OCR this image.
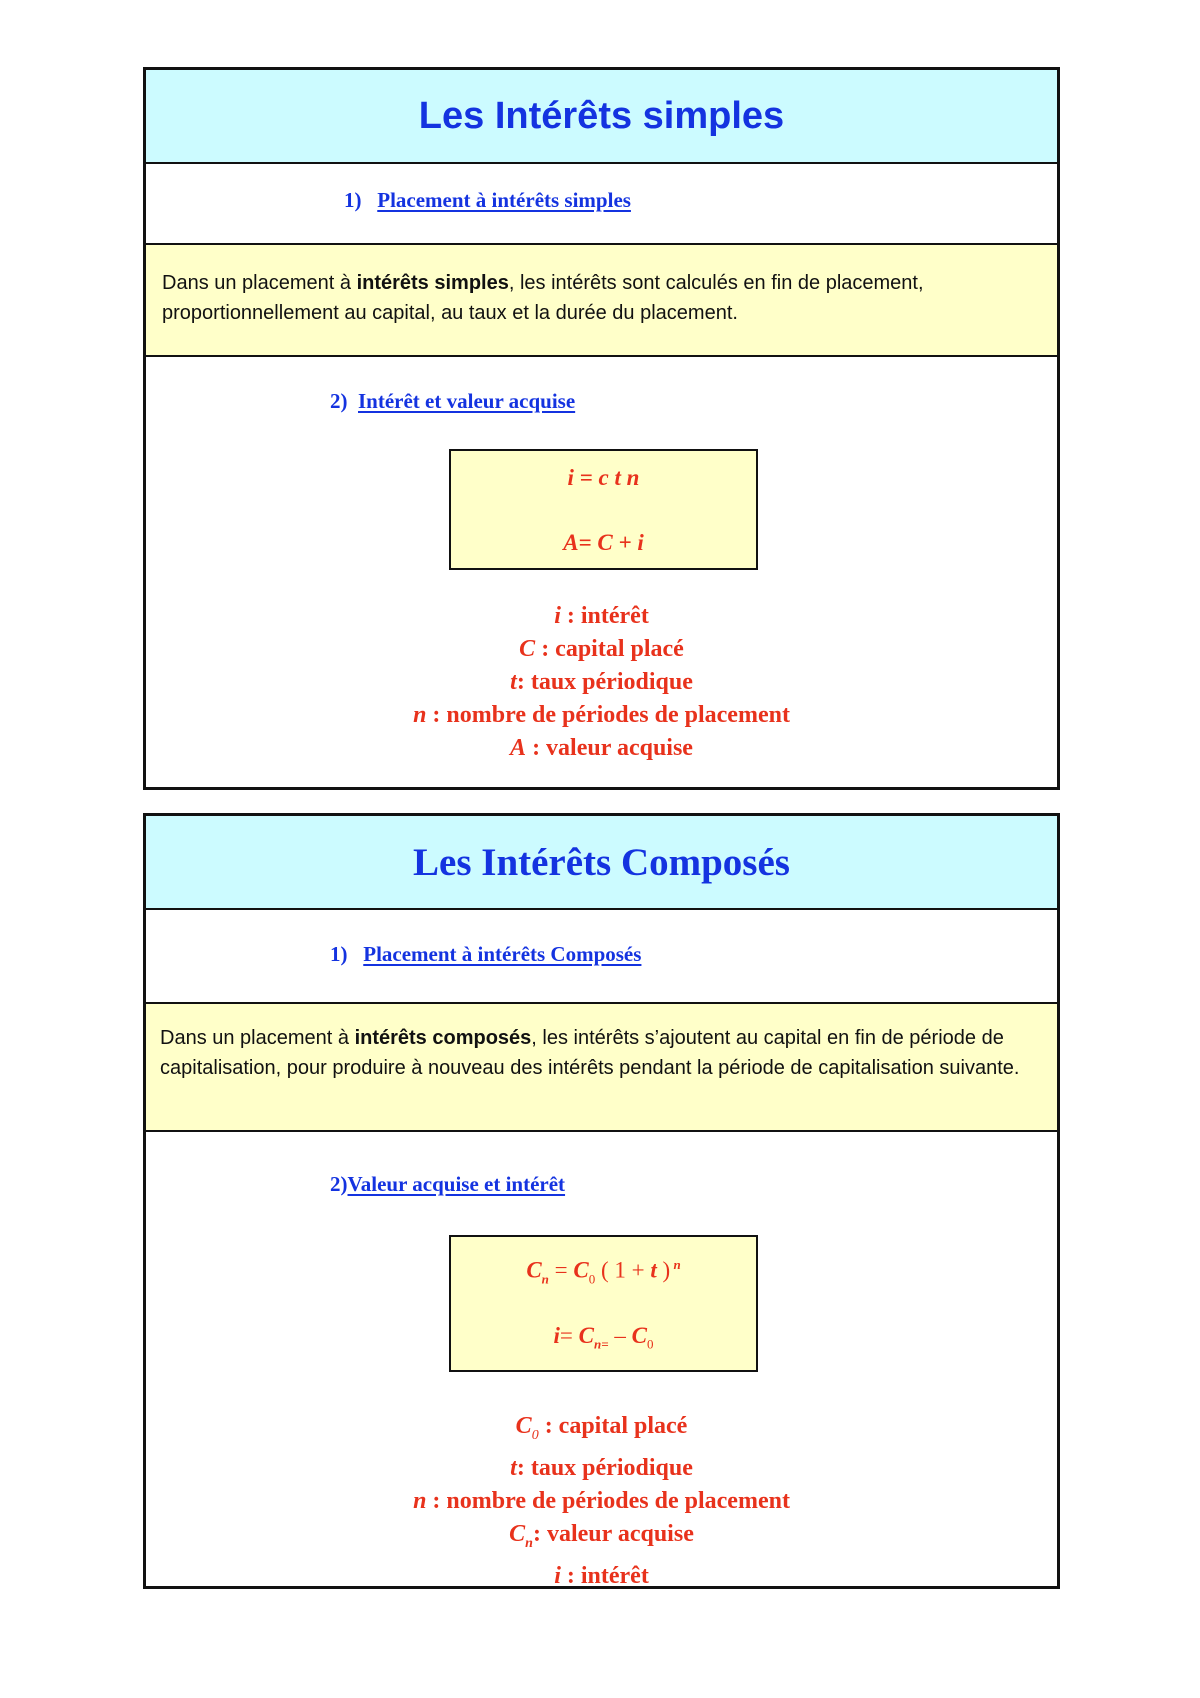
Les Intérêts simples
1) Placement à intérêts simples
Dans un placement à intérêts simples, les intérêts sont calculés en fin de placement, proportionnellement au capital, au taux et la durée du placement.
2) Intérêt et valeur acquise
i = c t n
A= C + i
i : intérêt
C : capital placé
t: taux périodique
n : nombre de périodes de placement
A : valeur acquise
Les Intérêts Composés
1) Placement à intérêts Composés
Dans un placement à intérêts composés, les intérêts s’ajoutent au capital en fin de période de capitalisation, pour produire à nouveau des intérêts pendant la période de capitalisation suivante.
2)Valeur acquise et intérêt
$C_n = C_0$ ( 1 + t ) $^n$
$i= C_{n=} - C_0$
$C_0$ : capital placé
t: taux périodique
n : nombre de périodes de placement
$C_n$: valeur acquise
i : intérêt
